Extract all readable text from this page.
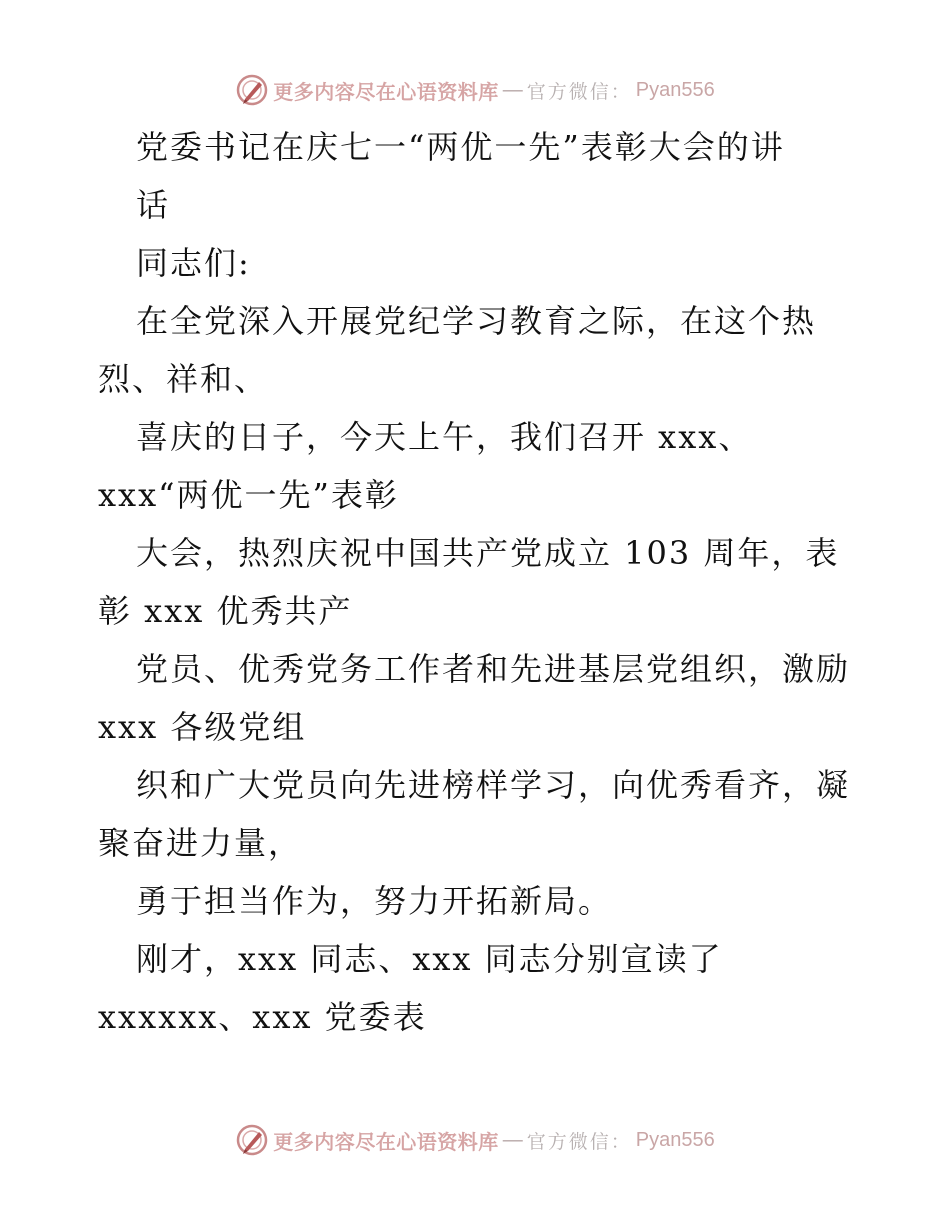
更多内容尽在心语资料库 — 官方微信： Pyan556
党委书记在庆七一“两优一先”表彰大会的讲
话
同志们:
在全党深入开展党纪学习教育之际，在这个热
烈、祥和、
喜庆的日子，今天上午，我们召开 xxx、
xxx“两优一先”表彰
大会，热烈庆祝中国共产党成立 103 周年，表
彰 xxx 优秀共产
党员、优秀党务工作者和先进基层党组织，激励
xxx 各级党组
织和广大党员向先进榜样学习，向优秀看齐，凝
聚奋进力量，
勇于担当作为，努力开拓新局。
刚才，xxx 同志、xxx 同志分别宣读了
xxxxxx、xxx 党委表
更多内容尽在心语资料库 — 官方微信： Pyan556
